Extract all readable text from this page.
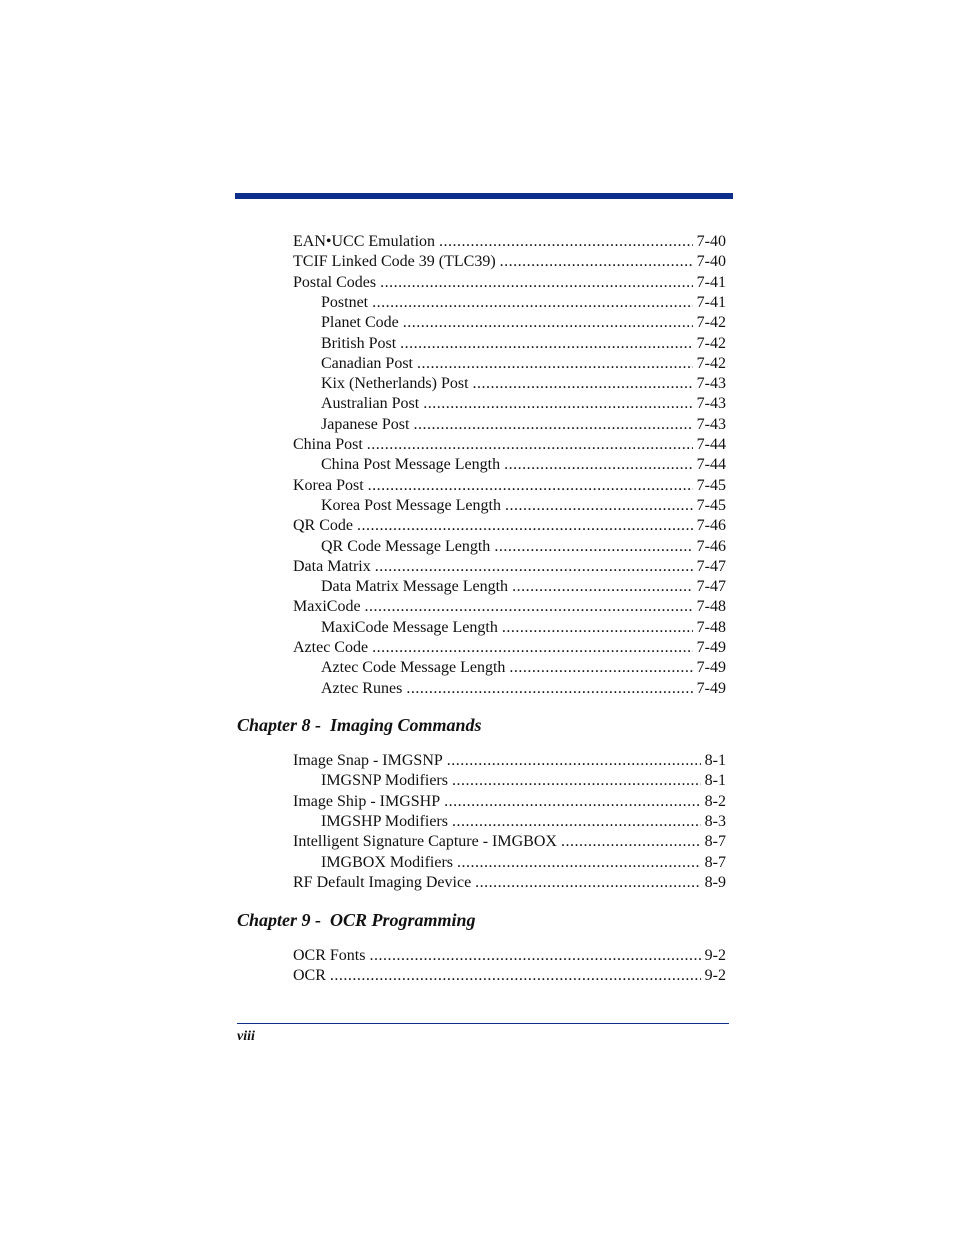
Chapter 8 -  Imaging Commands
Chapter 9 -  OCR Programming
EAN•UCC Emulation .....	7-40
TCIF Linked Code 39 (TLC39) .....	7-40
Postal Codes .....	7-41
Postnet .....	7-41
Planet Code .....	7-42
British Post .....	7-42
Canadian Post .....	7-42
Kix (Netherlands) Post .....	7-43
Australian Post .....	7-43
Japanese Post .....	7-43
China Post .....	7-44
China Post Message Length .....	7-44
Korea Post .....	7-45
Korea Post Message Length .....	7-45
QR Code .....	7-46
QR Code Message Length .....	7-46
Data Matrix .....	7-47
Data Matrix Message Length .....	7-47
MaxiCode .....	7-48
MaxiCode Message Length .....	7-48
Aztec Code .....	7-49
Aztec Code Message Length .....	7-49
Aztec Runes .....	7-49
Image Snap - IMGSNP .....	8-1
IMGSNP Modifiers .....	8-1
Image Ship - IMGSHP .....	8-2
IMGSHP Modifiers .....	8-3
Intelligent Signature Capture - IMGBOX .....	8-7
IMGBOX Modifiers .....	8-7
RF Default Imaging Device .....	8-9
OCR Fonts .....	9-2
OCR .....	9-2
viii
